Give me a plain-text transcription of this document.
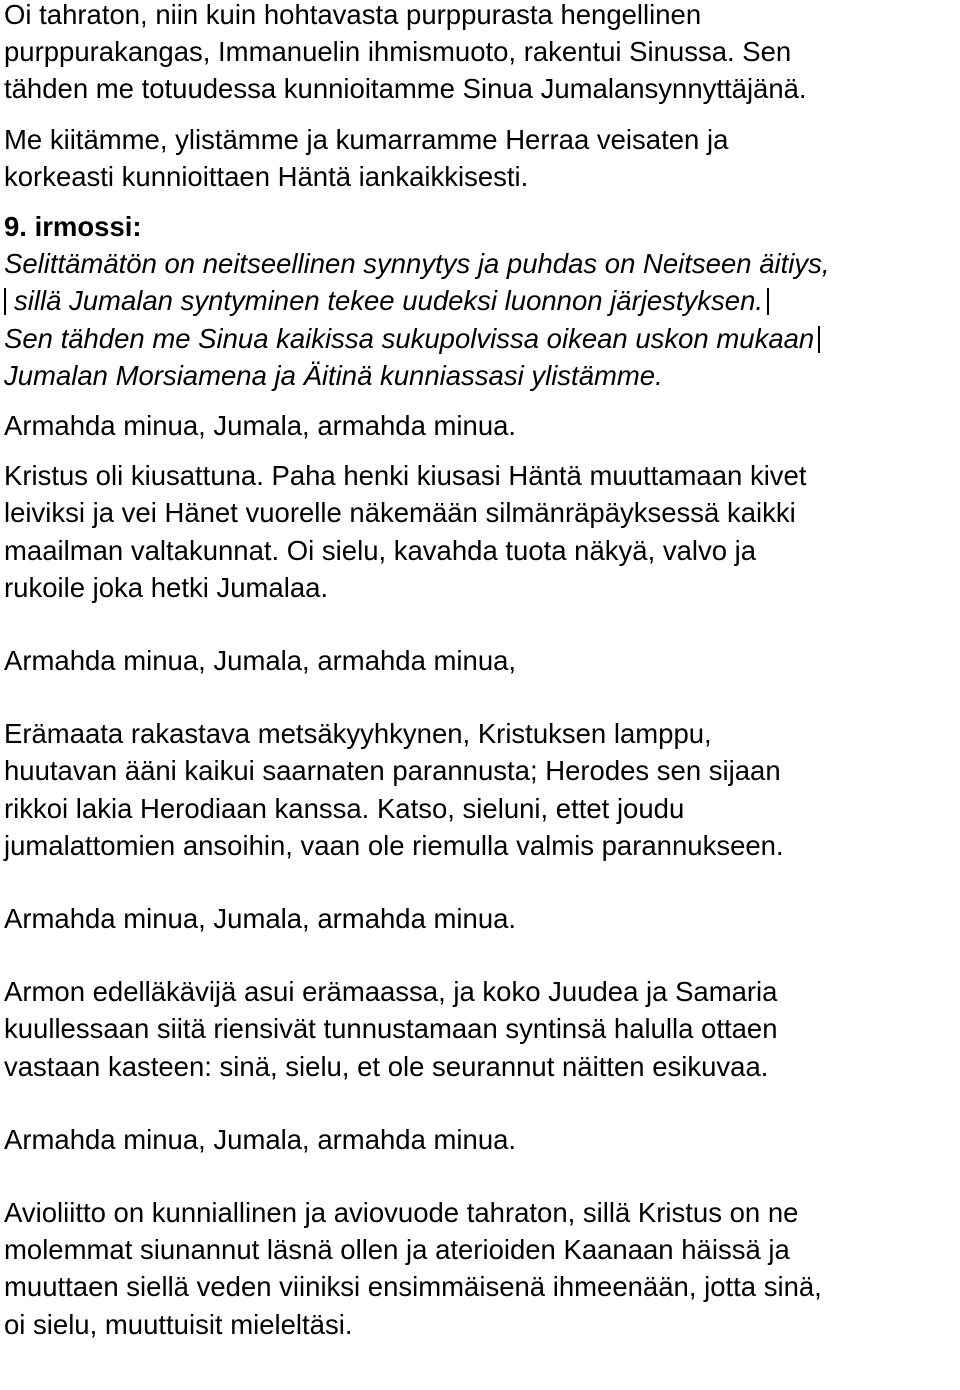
Oi tahraton, niin kuin hohtavasta purppurasta hengellinen
purppurakangas, Immanuelin ihmismuoto, rakentui Sinussa. Sen
tähden me totuudessa kunnioitamme Sinua Jumalansynnyttäjänä.

Me kiitämme, ylistämme ja kumarramme Herraa veisaten ja
korkeasti kunnioittaen Häntä iankaikkisesti.

9. irmossi:

Selittämätön on neitseellinen synnytys ja puhdas on Neitseen äitiys,
sillä Jumalan syntyminen tekee uudeksi luonnon järjestyksen.
Sen tähden me Sinua kaikissa sukupolvissa oikean uskon mukaan
Jumalan Morsiamena ja Äitinä kunniassasi ylistämme.

Armahda minua, Jumala, armahda minua.

Kristus oli kiusattuna. Paha henki kiusasi Häntä muuttamaan kivet
leiviksi ja vei Hänet vuorelle näkemään silmänräpäyksessä kaikki
maailman valtakunnat. Oi sielu, kavahda tuota näkyä, valvo ja
rukoile joka hetki Jumalaa.

Armahda minua, Jumala, armahda minua,

Erämaata rakastava metsäkyyhkynen, Kristuksen lamppu,
huutavan ääni kaikui saarnaten parannusta; Herodes sen sijaan
rikkoi lakia Herodiaan kanssa. Katso, sieluni, ettet joudu
jumalattomien ansoihin, vaan ole riemulla valmis parannukseen.

Armahda minua, Jumala, armahda minua.

Armon edelläkävijä asui erämaassa, ja koko Juudea ja Samaria
kuullessaan siitä riensivät tunnustamaan syntinsä halulla ottaen
vastaan kasteen: sinä, sielu, et ole seurannut näitten esikuvaa.

Armahda minua, Jumala, armahda minua.

Avioliitto on kunniallinen ja aviovuode tahraton, sillä Kristus on ne
molemmat siunannut läsnä ollen ja aterioiden Kaanaan häissä ja
muuttaen siellä veden viiniksi ensimmäisenä ihmeenään, jotta sinä,
oi sielu, muuttuisit mieleltäsi.
